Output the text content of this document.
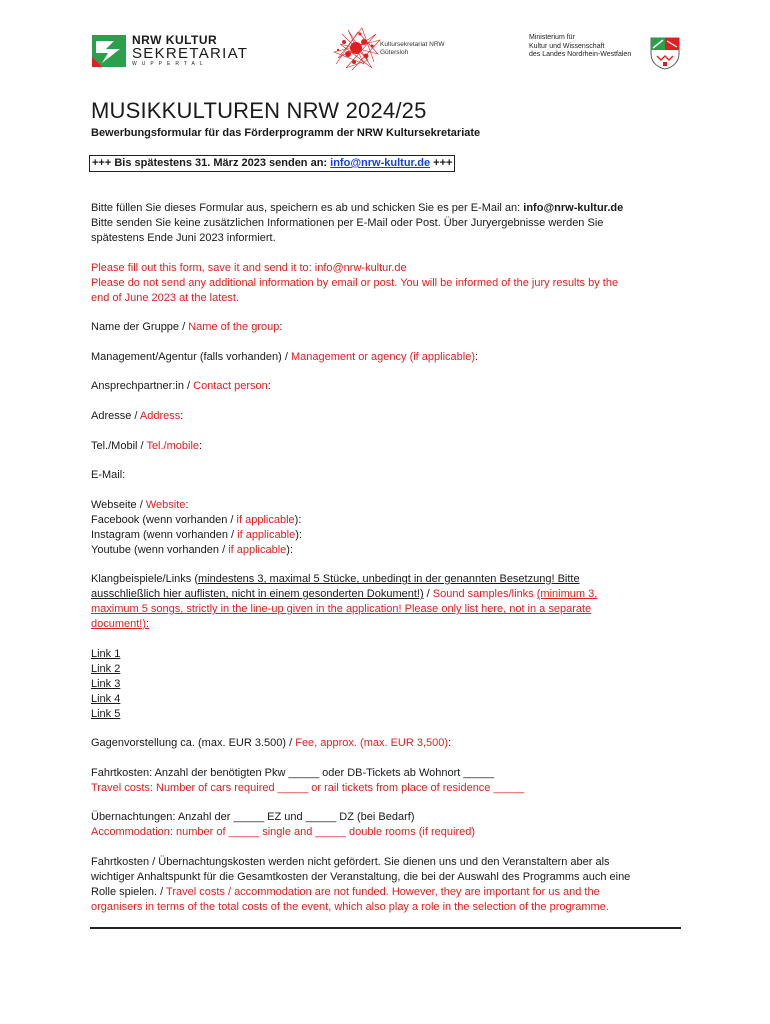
NRW KULTUR
SEKRETARIAT
WUPPERTAL
Kultursekretariat NRW
Gütersloh
Ministerium für
Kultur und Wissenschaft
des Landes Nordrhein-Westfalen
MUSIKKULTUREN NRW 2024/25
Bewerbungsformular für das Förderprogramm der NRW Kultursekretariate
+++ Bis spätestens 31. März 2023 senden an: info@nrw-kultur.de +++
Bitte füllen Sie dieses Formular aus, speichern es ab und schicken Sie es per E-Mail an: info@nrw-kultur.de
Bitte senden Sie keine zusätzlichen Informationen per E-Mail oder Post. Über Juryergebnisse werden Sie
spätestens Ende Juni 2023 informiert.
Please fill out this form, save it and send it to: info@nrw-kultur.de
Please do not send any additional information by email or post. You will be informed of the jury results by the
end of June 2023 at the latest.
Name der Gruppe / Name of the group:
Management/Agentur (falls vorhanden) / Management or agency (if applicable):
Ansprechpartner:in / Contact person:
Adresse / Address:
Tel./Mobil / Tel./mobile:
E-Mail:
Webseite / Website:
Facebook (wenn vorhanden / if applicable):
Instagram (wenn vorhanden / if applicable):
Youtube (wenn vorhanden / if applicable):
Klangbeispiele/Links (mindestens 3, maximal 5 Stücke, unbedingt in der genannten Besetzung! Bitte
ausschließlich hier auflisten, nicht in einem gesonderten Dokument!) / Sound samples/links (minimum 3,
maximum 5 songs, strictly in the line-up given in the application! Please only list here, not in a separate
document!):
Link 1
Link 2
Link 3
Link 4
Link 5
Gagenvorstellung ca. (max. EUR 3.500) / Fee, approx. (max. EUR 3,500):
Fahrtkosten: Anzahl der benötigten Pkw _____ oder DB-Tickets ab Wohnort _____
Travel costs: Number of cars required _____ or rail tickets from place of residence _____
Übernachtungen: Anzahl der _____ EZ und _____ DZ (bei Bedarf)
Accommodation: number of _____ single and _____ double rooms (if required)
Fahrtkosten / Übernachtungskosten werden nicht gefördert. Sie dienen uns und den Veranstaltern aber als
wichtiger Anhaltspunkt für die Gesamtkosten der Veranstaltung, die bei der Auswahl des Programms auch eine
Rolle spielen. / Travel costs / accommodation are not funded. However, they are important for us and the
organisers in terms of the total costs of the event, which also play a role in the selection of the programme.
